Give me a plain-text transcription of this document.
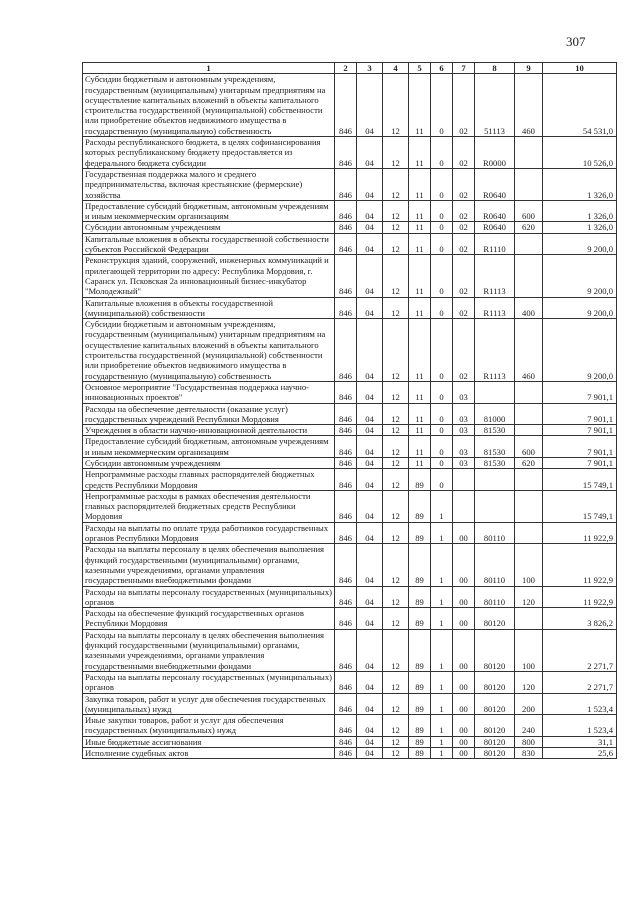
307
1	2	3	4	5	6	7	8	9	10
Субсидии бюджетным и автономным учреждениям, государственным (муниципальным) унитарным предприятиям на осуществление капитальных вложений в объекты капитального строительства государственной (муниципальной) собственности или приобретение объектов недвижимого имущества в государственную (муниципальную) собственность	846	04	12	11	0	02	51113	460	54 531,0
Расходы республиканского бюджета, в целях софинансирования которых республиканскому бюджету предоставляется из федерального бюджета субсидии	846	04	12	11	0	02	R0000		10 526,0
Государственная поддержка малого и среднего предпринимательства, включая крестьянские (фермерские) хозяйства	846	04	12	11	0	02	R0640		1 326,0
Предоставление субсидий бюджетным, автономным учреждениям и иным некоммерческим организациям	846	04	12	11	0	02	R0640	600	1 326,0
Субсидии автономным учреждениям	846	04	12	11	0	02	R0640	620	1 326,0
Капитальные вложения в объекты государственной собственности субъектов Российской Федерации	846	04	12	11	0	02	R1110		9 200,0
Реконструкция зданий, сооружений, инженерных коммуникаций и прилегающей территории по адресу: Республика Мордовия, г. Саранск ул. Псковская 2а инновационный бизнес-инкубатор "Молодежный"	846	04	12	11	0	02	R1113		9 200,0
Капитальные вложения в объекты государственной (муниципальной) собственности	846	04	12	11	0	02	R1113	400	9 200,0
Субсидии бюджетным и автономным учреждениям, государственным (муниципальным) унитарным предприятиям на осуществление капитальных вложений в объекты капитального строительства государственной (муниципальной) собственности или приобретение объектов недвижимого имущества в государственную (муниципальную) собственность	846	04	12	11	0	02	R1113	460	9 200,0
Основное мероприятие "Государственная поддержка научно-инновационных проектов"	846	04	12	11	0	03			7 901,1
Расходы на обеспечение деятельности (оказание услуг) государственных учреждений Республики Мордовия	846	04	12	11	0	03	81000		7 901,1
Учреждения в области научно-инновационной деятельности	846	04	12	11	0	03	81530		7 901,1
Предоставление субсидий бюджетным, автономным учреждениям и иным некоммерческим организациям	846	04	12	11	0	03	81530	600	7 901,1
Субсидии автономным учреждениям	846	04	12	11	0	03	81530	620	7 901,1
Непрограммные расходы главных распорядителей бюджетных средств Республики Мордовия	846	04	12	89	0				15 749,1
Непрограммные расходы в рамках обеспечения деятельности главных распорядителей бюджетных средств Республики Мордовия	846	04	12	89	1				15 749,1
Расходы на выплаты по оплате труда работников государственных органов Республики Мордовия	846	04	12	89	1	00	80110		11 922,9
Расходы на выплаты персоналу в целях обеспечения выполнения функций государственными (муниципальными) органами, казенными учреждениями, органами управления государственными внебюджетными фондами	846	04	12	89	1	00	80110	100	11 922,9
Расходы на выплаты персоналу государственных (муниципальных) органов	846	04	12	89	1	00	80110	120	11 922,9
Расходы на обеспечение функций государственных органов Республики Мордовия	846	04	12	89	1	00	80120		3 826,2
Расходы на выплаты персоналу в целях обеспечения выполнения функций государственными (муниципальными) органами, казенными учреждениями, органами управления государственными внебюджетными фондами	846	04	12	89	1	00	80120	100	2 271,7
Расходы на выплаты персоналу государственных (муниципальных) органов	846	04	12	89	1	00	80120	120	2 271,7
Закупка товаров, работ и услуг для обеспечения государственных (муниципальных) нужд	846	04	12	89	1	00	80120	200	1 523,4
Иные закупки товаров, работ и услуг для обеспечения государственных (муниципальных) нужд	846	04	12	89	1	00	80120	240	1 523,4
Иные бюджетные ассигнования	846	04	12	89	1	00	80120	800	31,1
Исполнение судебных актов	846	04	12	89	1	00	80120	830	25,6
